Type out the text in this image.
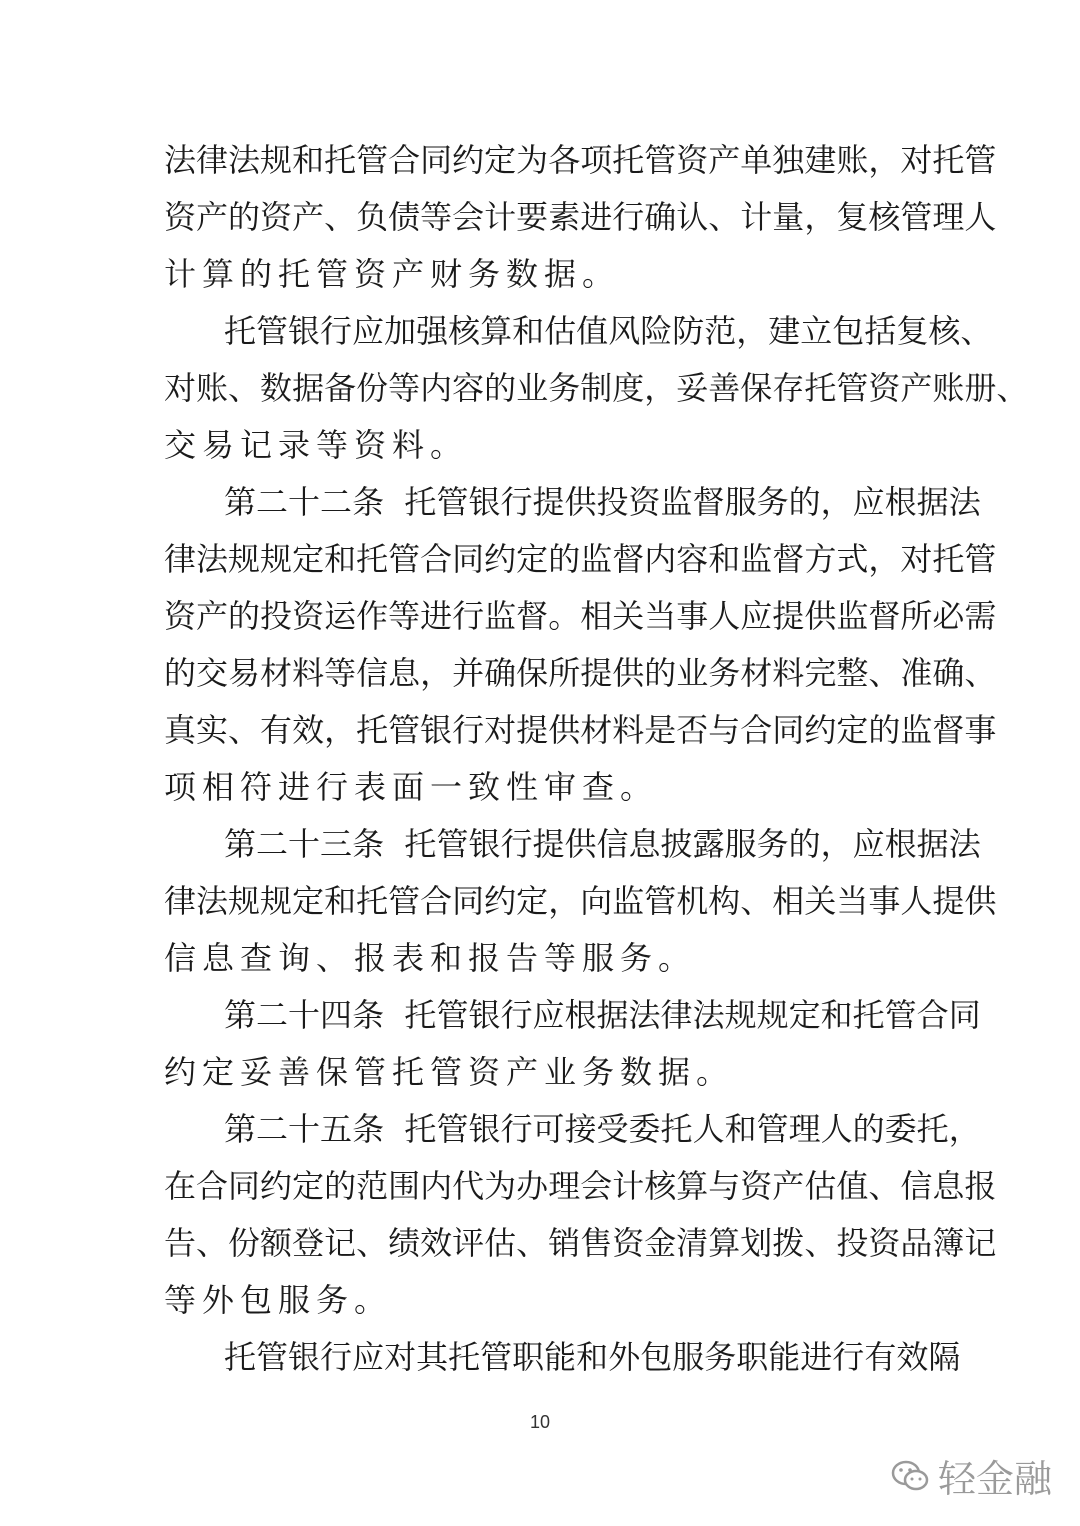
法 律 法 规 和 托 管 合 同 约 定 为 各 项 托 管 资 产 单 独 建 账 ， 对 托 管
资 产 的 资 产 、 负 债 等 会 计 要 素 进 行 确 认 、 计 量 ， 复 核 管 理 人
计算的托管资产财务数据。
托 管 银 行 应 加 强 核 算 和 估 值 风 险 防 范 ， 建 立 包 括 复 核 、
对 账 、 数 据 备 份 等 内 容 的 业 务 制 度 ， 妥 善 保 存 托 管 资 产 账 册 、
交易记录等资料。
第 二 十 二 条

托 管 银 行 提 供 投 资 监 督 服 务 的 ， 应 根 据 法
律 法 规 规 定 和 托 管 合 同 约 定 的 监 督 内 容 和 监 督 方 式 ， 对 托 管
资 产 的 投 资 运 作 等 进 行 监 督 。 相 关 当 事 人 应 提 供 监 督 所 必 需
的 交 易 材 料 等 信 息 ， 并 确 保 所 提 供 的 业 务 材 料 完 整 、 准 确 、
真 实 、 有 效 ， 托 管 银 行 对 提 供 材 料 是 否 与 合 同 约 定 的 监 督 事
项相符进行表面一致性审查。
第 二 十 三 条

托 管 银 行 提 供 信 息 披 露 服 务 的 ， 应 根 据 法
律 法 规 规 定 和 托 管 合 同 约 定 ， 向 监 管 机 构 、 相 关 当 事 人 提 供
信息查询、报表和报告等服务。
第 二 十 四 条

托 管 银 行 应 根 据 法 律 法 规 规 定 和 托 管 合 同
约定妥善保管托管资产业务数据。
第 二 十 五 条

托 管 银 行 可 接 受 委 托 人 和 管 理 人 的 委 托 ，
在 合 同 约 定 的 范 围 内 代 为 办 理 会 计 核 算 与 资 产 估 值 、 信 息 报
告 、 份 额 登 记 、 绩 效 评 估 、 销 售 资 金 清 算 划 拨 、 投 资 品 簿 记
等外包服务。
托 管 银 行 应 对 其 托 管 职 能 和 外 包 服 务 职 能 进 行 有 效 隔
10
轻金融
